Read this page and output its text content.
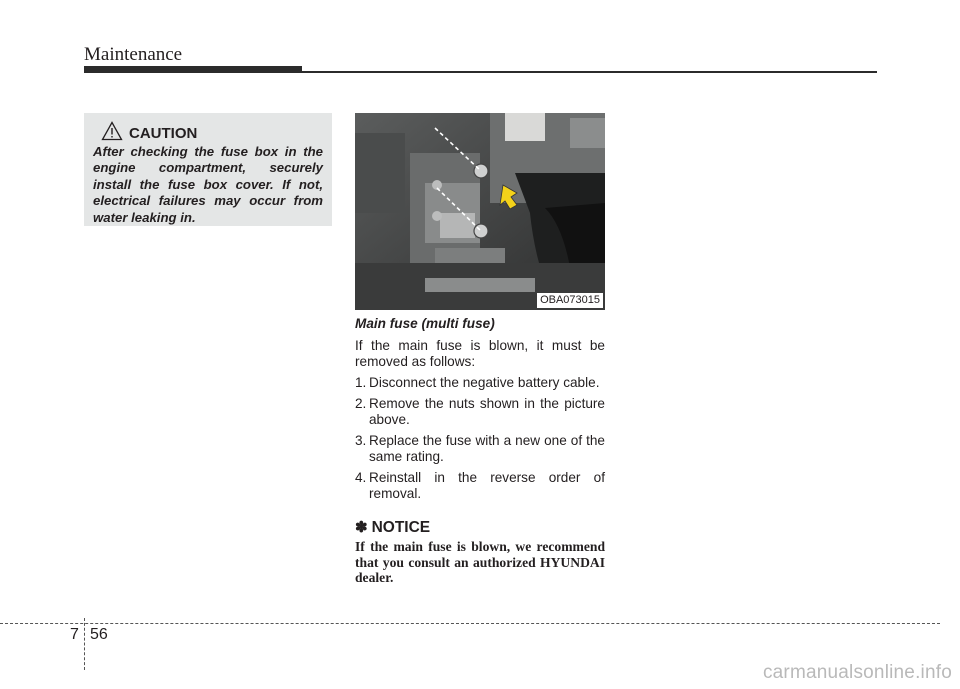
Maintenance
CAUTION

After checking the fuse box in the engine compartment, securely install the fuse box cover. If not, electrical failures may occur from water leaking in.

OBA073015
Main fuse (multi fuse)
If the main fuse is blown, it must be removed as follows:
1. Disconnect the negative battery cable.
2. Remove the nuts shown in the picture above.
3. Replace the fuse with a new one of the same rating.
4. Reinstall in the reverse order of removal.
✽ NOTICE
If the main fuse is blown, we recommend that you consult an authorized HYUNDAI dealer.
7 56
carmanualsonline.info
